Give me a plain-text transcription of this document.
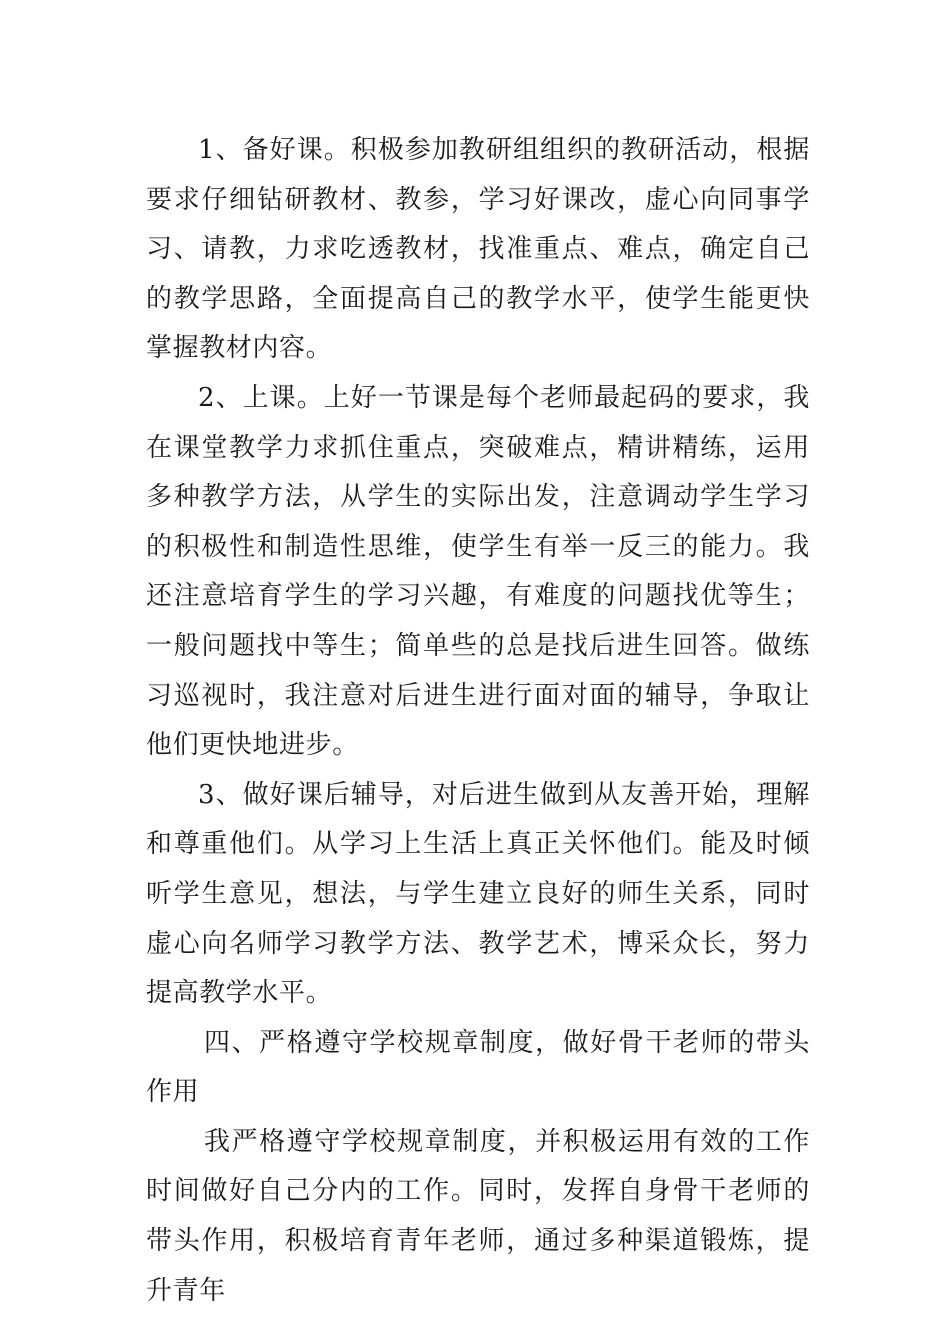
1、备好课。积极参加教研组组织的教研活动，根据要求仔细钻研教材、教参，学习好课改，虚心向同事学习、请教，力求吃透教材，找准重点、难点，确定自己的教学思路，全面提高自己的教学水平，使学生能更快掌握教材内容。

2、上课。上好一节课是每个老师最起码的要求，我在课堂教学力求抓住重点，突破难点，精讲精练，运用多种教学方法，从学生的实际出发，注意调动学生学习的积极性和制造性思维，使学生有举一反三的能力。我还注意培育学生的学习兴趣，有难度的问题找优等生；一般问题找中等生；简单些的总是找后进生回答。做练习巡视时，我注意对后进生进行面对面的辅导，争取让他们更快地进步。

3、做好课后辅导，对后进生做到从友善开始，理解和尊重他们。从学习上生活上真正关怀他们。能及时倾听学生意见，想法，与学生建立良好的师生关系，同时虚心向名师学习教学方法、教学艺术，博采众长，努力提高教学水平。

四、严格遵守学校规章制度，做好骨干老师的带头作用

我严格遵守学校规章制度，并积极运用有效的工作时间做好自己分内的工作。同时，发挥自身骨干老师的带头作用，积极培育青年老师，通过多种渠道锻炼，提升青年
